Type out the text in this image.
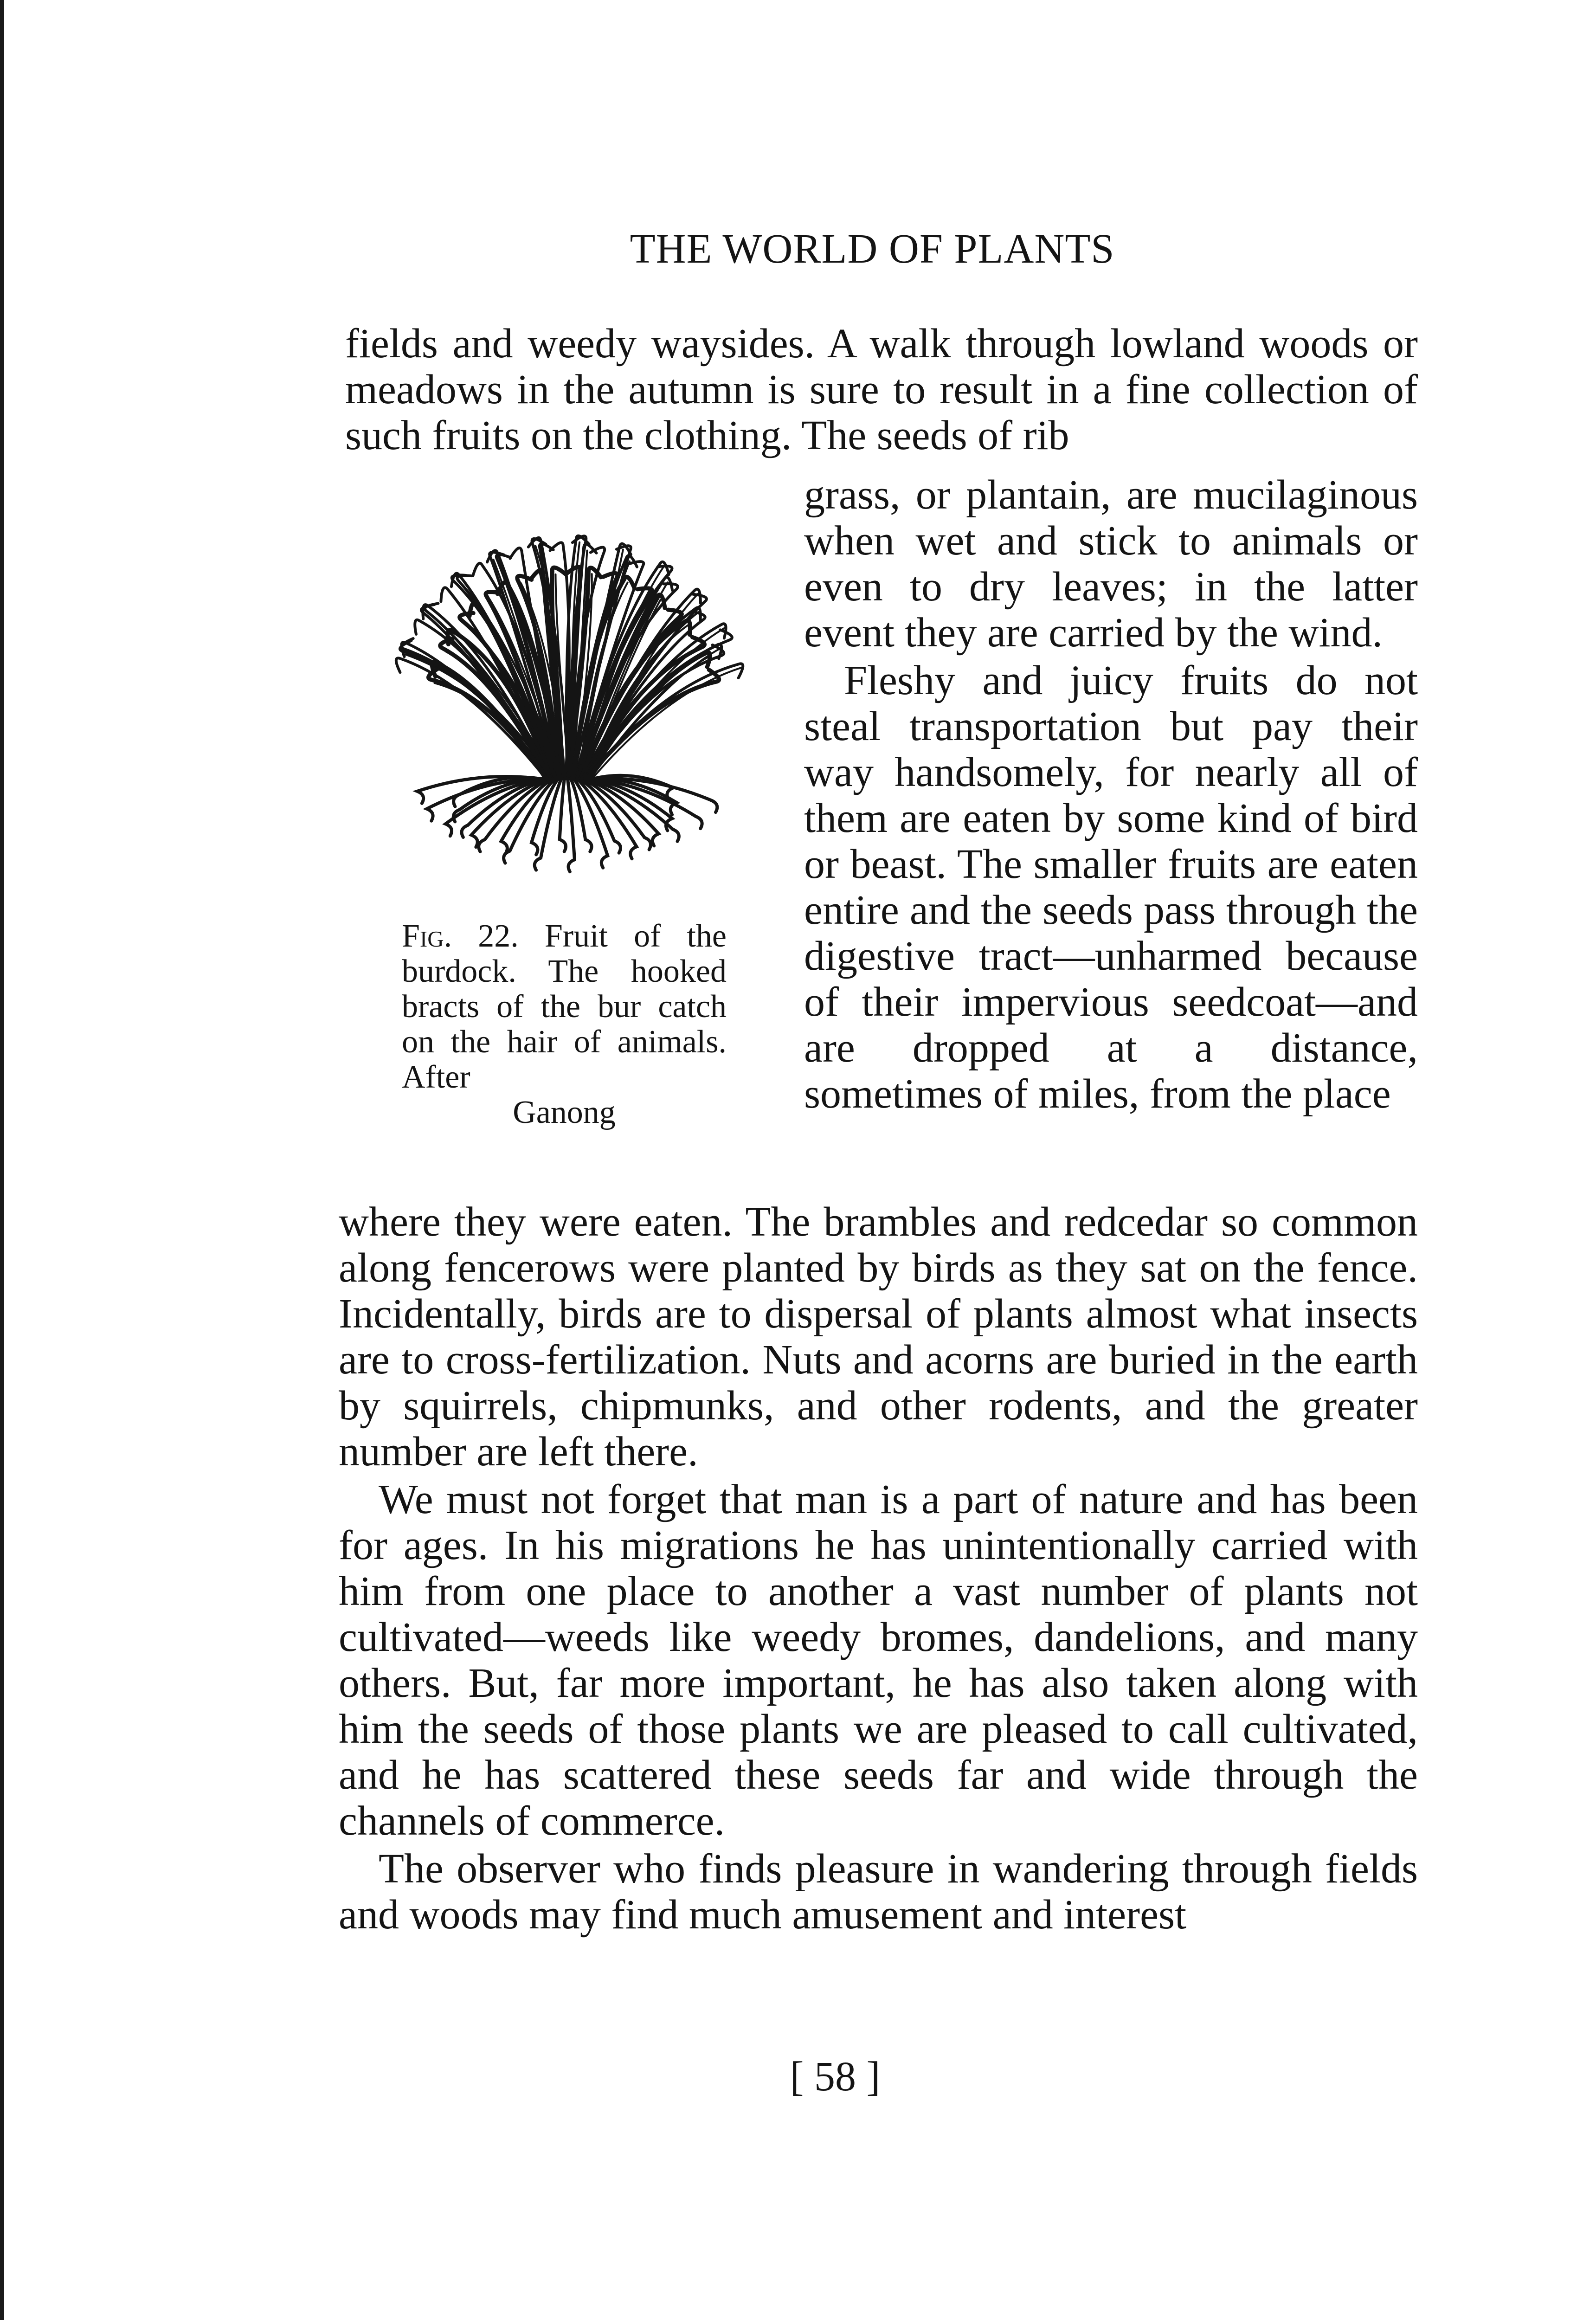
THE WORLD OF PLANTS

fields and weedy waysides. A walk through lowland woods or meadows in the autumn is sure to result in a fine collection of such fruits on the clothing. The seeds of rib

Fig. 22. Fruit of the burdock. The hooked bracts of the bur catch on the hair of animals. After
Ganong

grass, or plantain, are mucilaginous when wet and stick to animals or even to dry leaves; in the latter event they are carried by the wind.

Fleshy and juicy fruits do not steal transportation but pay their way handsomely, for nearly all of them are eaten by some kind of bird or beast. The smaller fruits are eaten entire and the seeds pass through the digestive tract—unharmed because of their impervious seedcoat—and are dropped at a distance, sometimes of miles, from the place

where they were eaten. The brambles and redcedar so common along fencerows were planted by birds as they sat on the fence. Incidentally, birds are to dispersal of plants almost what insects are to cross-fertilization. Nuts and acorns are buried in the earth by squirrels, chipmunks, and other rodents, and the greater number are left there.

We must not forget that man is a part of nature and has been for ages. In his migrations he has unintentionally carried with him from one place to another a vast number of plants not cultivated—weeds like weedy bromes, dandelions, and many others. But, far more important, he has also taken along with him the seeds of those plants we are pleased to call cultivated, and he has scattered these seeds far and wide through the channels of commerce.

The observer who finds pleasure in wandering through fields and woods may find much amusement and interest

[ 58 ]
